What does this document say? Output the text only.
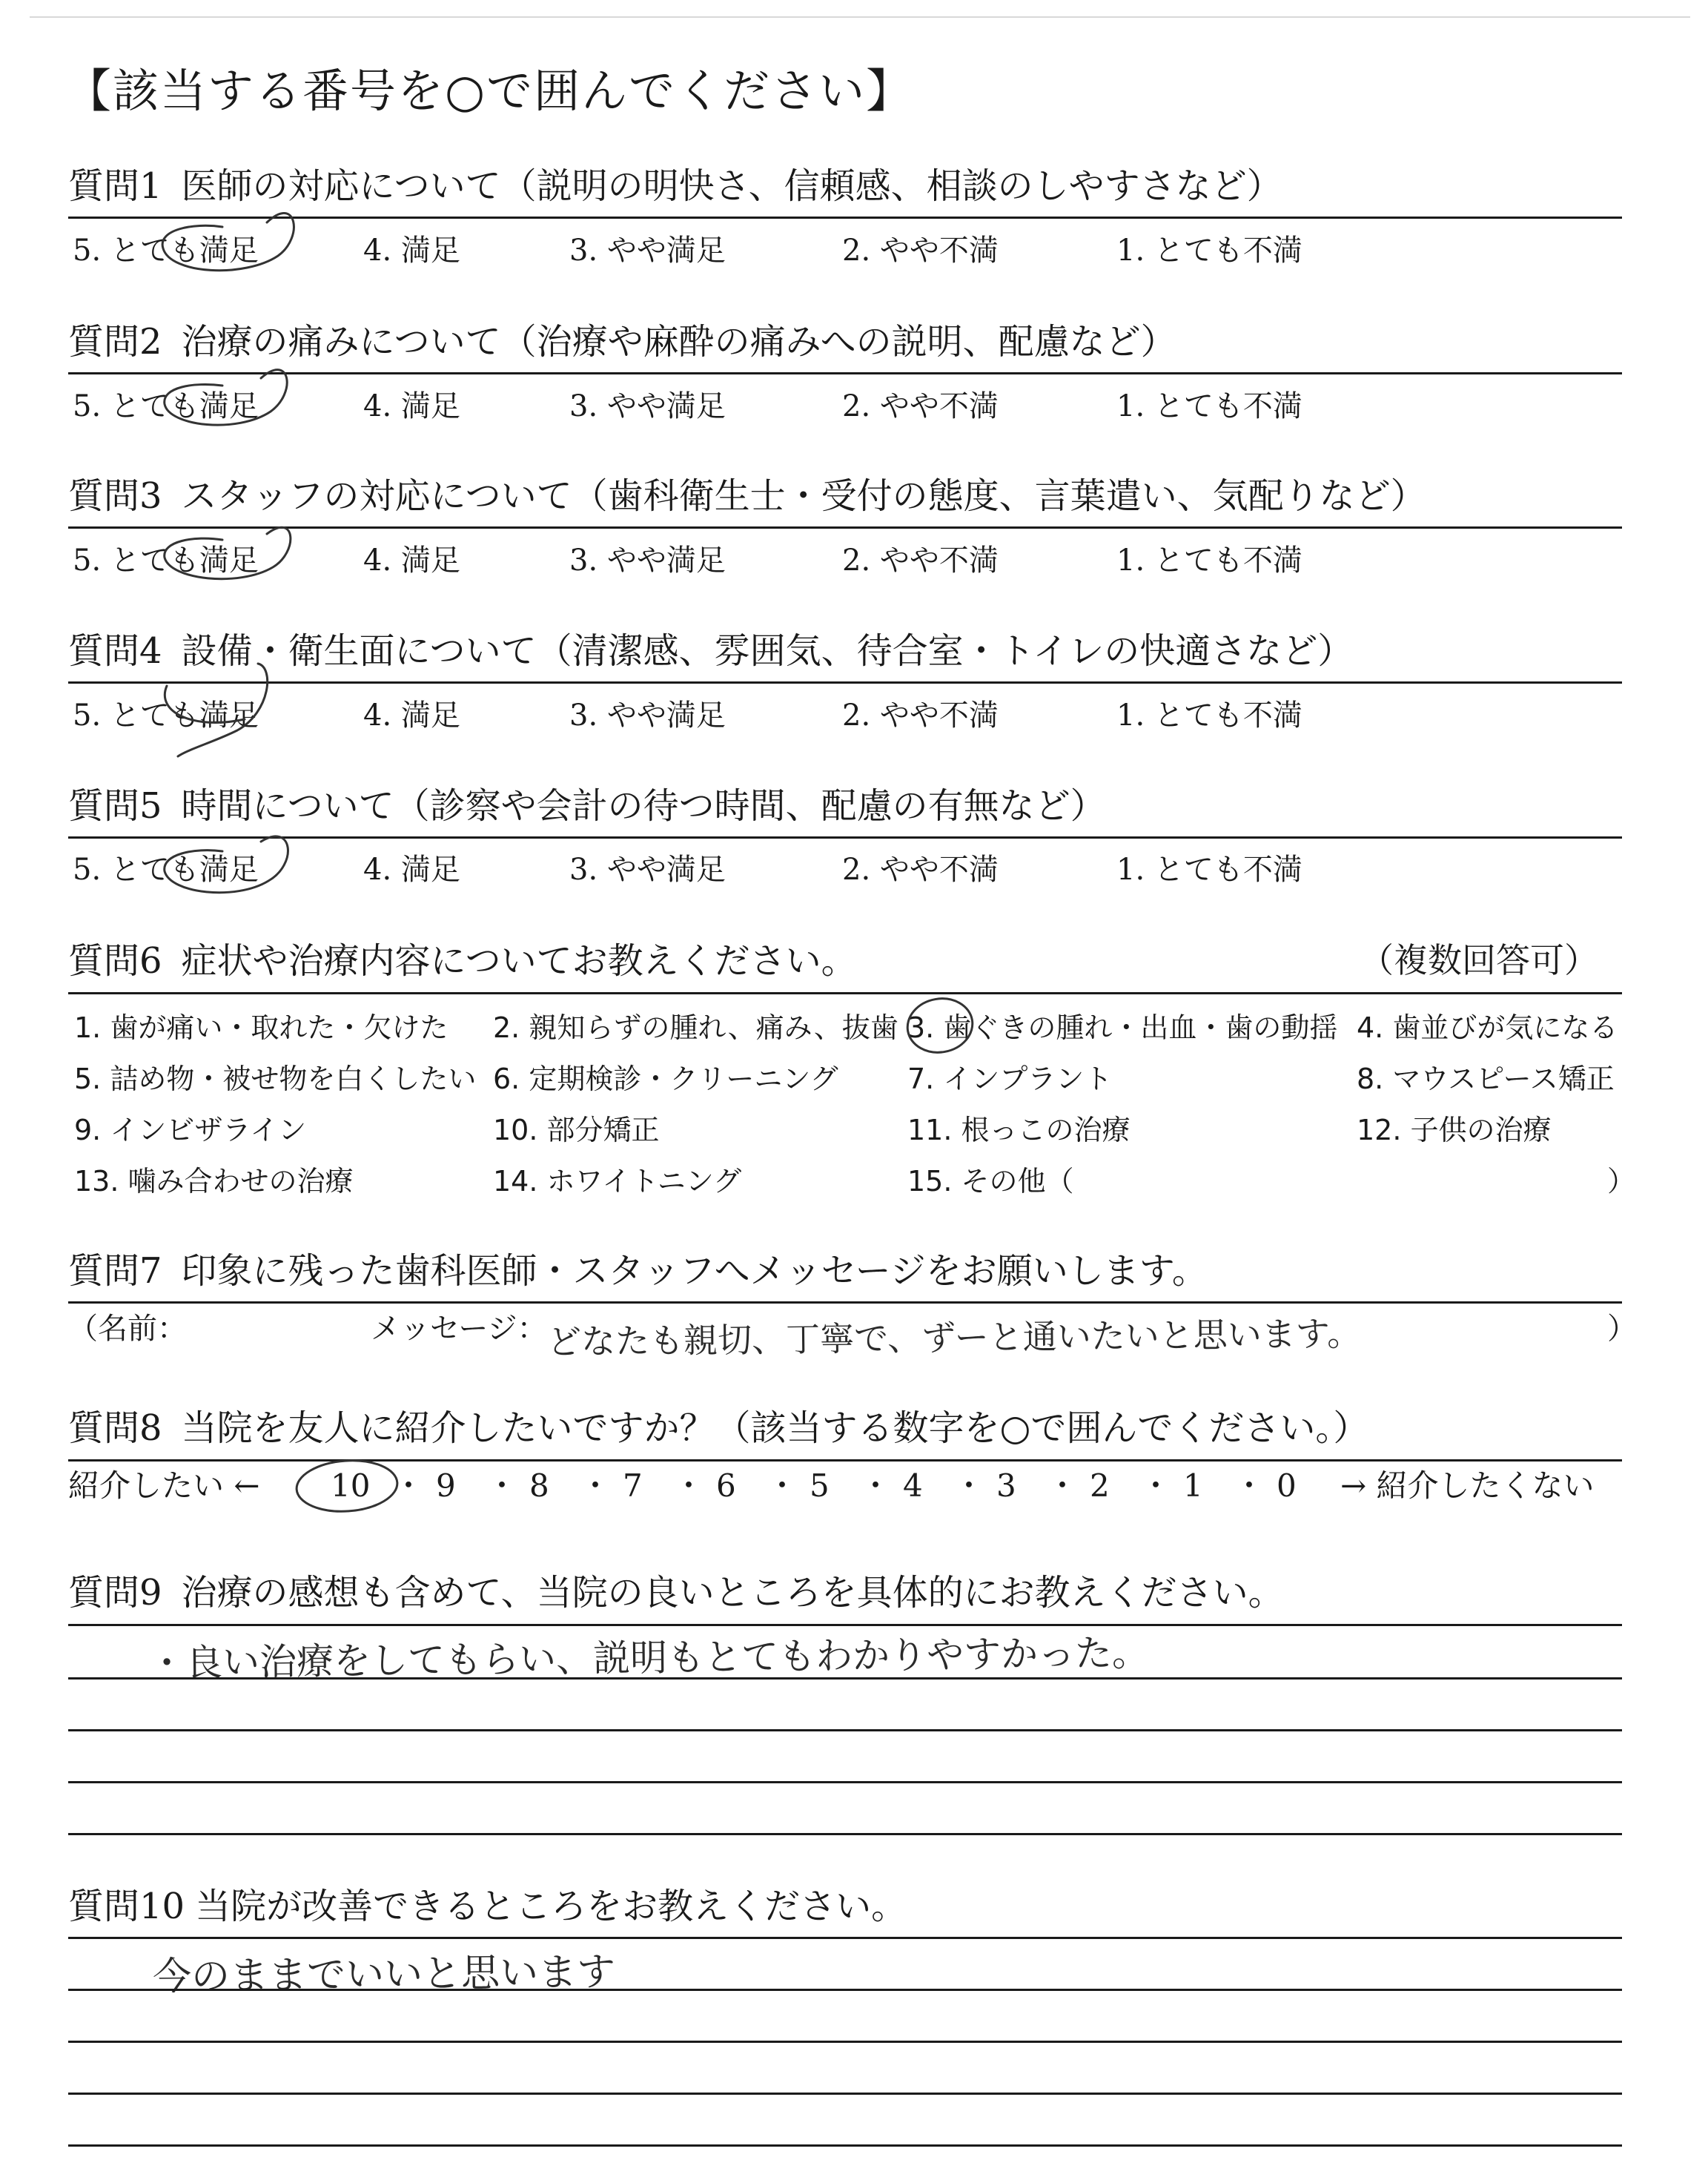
【該当する番号を○で囲んでください】
質問1 医師の対応について（説明の明快さ、信頼感、相談のしやすさなど）
5. とても満足	4. 満足	3. やや満足	2. やや不満	1. とても不満
質問2 治療の痛みについて（治療や麻酔の痛みへの説明、配慮など）
5. とても満足	4. 満足	3. やや満足	2. やや不満	1. とても不満
質問3 スタッフの対応について（歯科衛生士・受付の態度、言葉遣い、気配りなど）
5. とても満足	4. 満足	3. やや満足	2. やや不満	1. とても不満
質問4 設備・衛生面について（清潔感、雰囲気、待合室・トイレの快適さなど）
5. とても満足	4. 満足	3. やや満足	2. やや不満	1. とても不満
質問5 時間について（診察や会計の待つ時間、配慮の有無など）
5. とても満足	4. 満足	3. やや満足	2. やや不満	1. とても不満
質問6 症状や治療内容についてお教えください。	（複数回答可）
1. 歯が痛い・取れた・欠けた 2. 親知らずの腫れ、痛み、抜歯 3. 歯ぐきの腫れ・出血・歯の動揺 4. 歯並びが気になる
5. 詰め物・被せ物を白くしたい 6. 定期検診・クリーニング 7. インプラント	8. マウスピース矯正
9. インビザライン	10. 部分矯正	11. 根っこの治療	12. 子供の治療
13. 噛み合わせの治療	14. ホワイトニング	15. その他（	）
質問7 印象に残った歯科医師・スタッフへメッセージをお願いします。
（名前：	メッセージ： どなたも親切、丁寧で、ずーと通いたいと思います。	）
質問8 当院を友人に紹介したいですか？（該当する数字を○で囲んでください。）
紹介したい ← 10 ・ 9 ・ 8 ・ 7 ・ 6 ・ 5 ・ 4 ・ 3 ・ 2 ・ 1 ・ 0 → 紹介したくない
質問9 治療の感想も含めて、当院の良いところを具体的にお教えください。
・良い治療をしてもらい、説明もとてもわかりやすかった。
質問10 当院が改善できるところをお教えください。
今のままでいいと思います
